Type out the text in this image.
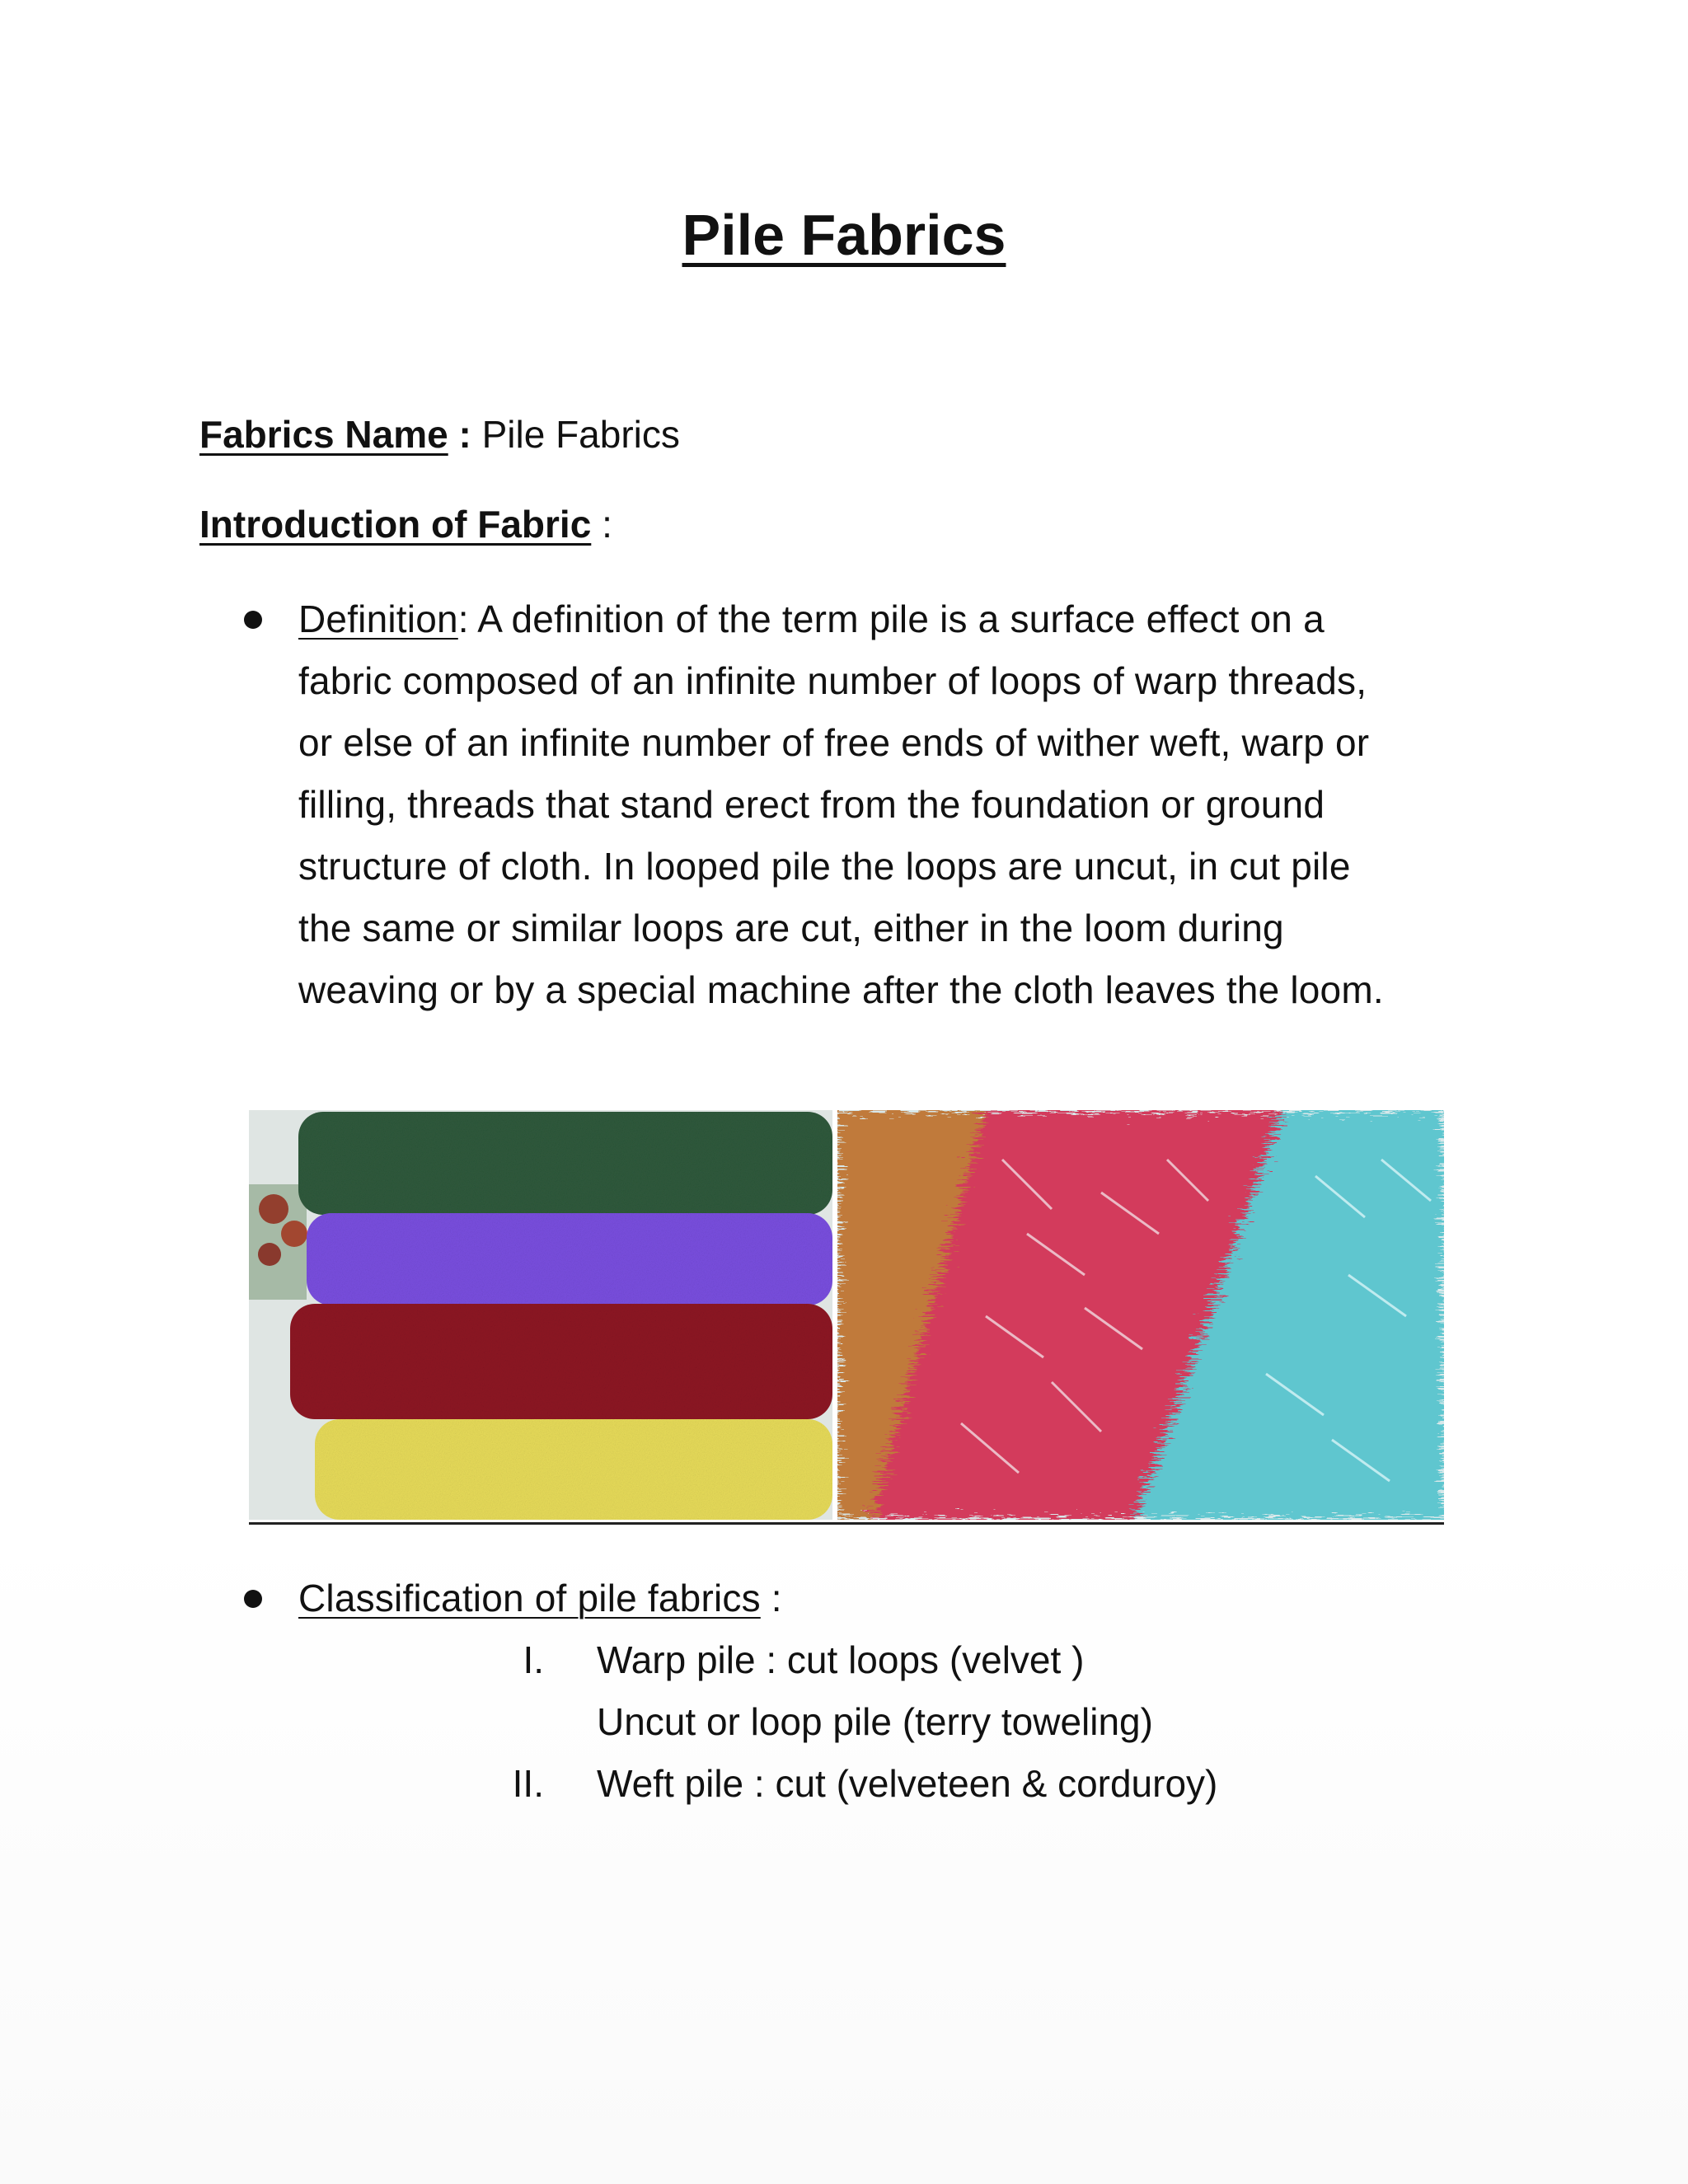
Pile Fabrics
Fabrics Name : Pile Fabrics
Introduction of Fabric :
Definition: A definition of the term pile is a surface effect on a
fabric composed of an infinite number of loops of warp threads,
or else of an infinite number of free ends of wither weft, warp or
filling, threads that stand erect from the foundation or ground
structure of cloth. In looped pile the loops are uncut, in cut pile
the same or similar loops are cut, either in the loom during
weaving or by a special machine after the cloth leaves the loom.
Classification of pile fabrics :
I. Warp pile : cut loops (velvet )
Uncut or loop pile (terry toweling)
II. Weft pile : cut (velveteen & corduroy)
